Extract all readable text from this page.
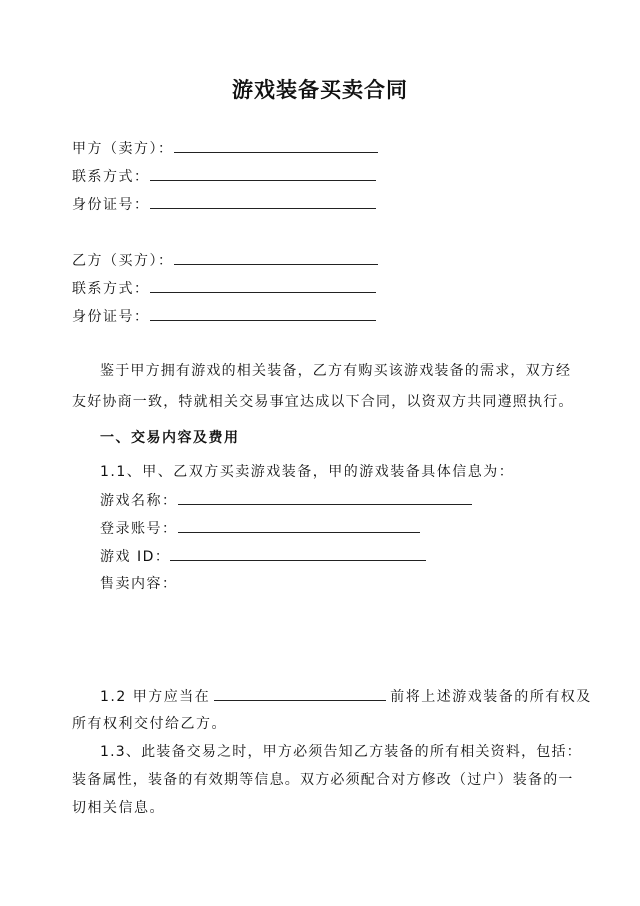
游戏装备买卖合同
甲方（卖方）：
联系方式：
身份证号：
乙方（买方）：
联系方式：
身份证号：
鉴于甲方拥有游戏的相关装备，乙方有购买该游戏装备的需求，双方经
友好协商一致，特就相关交易事宜达成以下合同，以资双方共同遵照执行。
一、交易内容及费用
1.1、甲、乙双方买卖游戏装备，甲的游戏装备具体信息为：
游戏名称：
登录账号：
游戏 ID：
售卖内容：
1.2 甲方应当在	前将上述游戏装备的所有权及
所有权利交付给乙方。
1.3、此装备交易之时，甲方必须告知乙方装备的所有相关资料，包括：
装备属性，装备的有效期等信息。双方必须配合对方修改（过户）装备的一
切相关信息。
